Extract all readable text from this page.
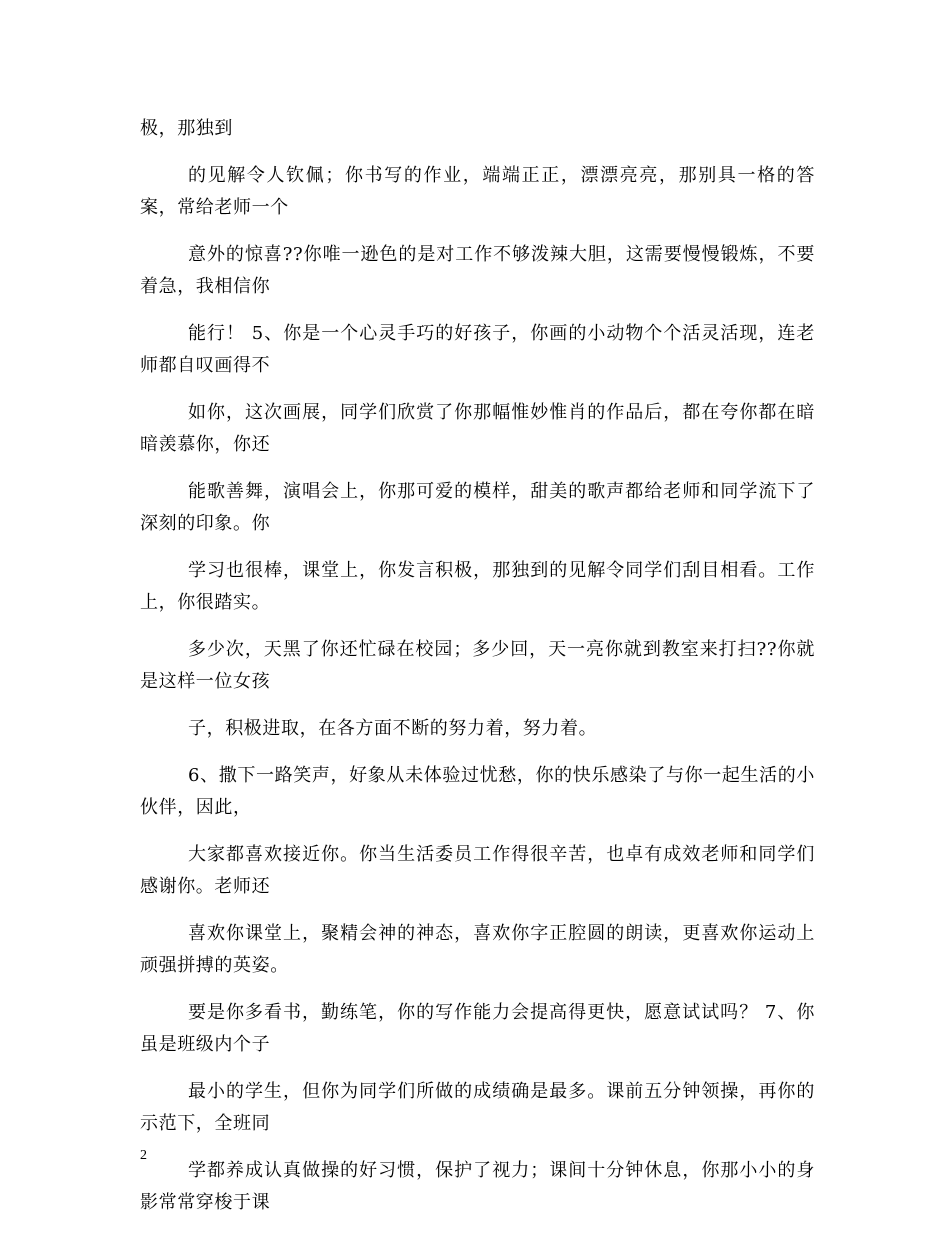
极，那独到

的见解令人钦佩；你书写的作业，端端正正，漂漂亮亮，那别具一格的答案，常给老师一个

意外的惊喜??你唯一逊色的是对工作不够泼辣大胆，这需要慢慢锻炼，不要着急，我相信你

能行！ 5、你是一个心灵手巧的好孩子，你画的小动物个个活灵活现，连老师都自叹画得不

如你，这次画展，同学们欣赏了你那幅惟妙惟肖的作品后，都在夸你都在暗暗羡慕你，你还

能歌善舞，演唱会上，你那可爱的模样，甜美的歌声都给老师和同学流下了深刻的印象。你

学习也很棒，课堂上，你发言积极，那独到的见解令同学们刮目相看。工作上，你很踏实。

多少次，天黑了你还忙碌在校园；多少回，天一亮你就到教室来打扫??你就是这样一位女孩

子，积极进取，在各方面不断的努力着，努力着。

6、撒下一路笑声，好象从未体验过忧愁，你的快乐感染了与你一起生活的小伙伴，因此，

大家都喜欢接近你。你当生活委员工作得很辛苦，也卓有成效老师和同学们感谢你。老师还

喜欢你课堂上，聚精会神的神态，喜欢你字正腔圆的朗读，更喜欢你运动上顽强拼搏的英姿。

要是你多看书，勤练笔，你的写作能力会提高得更快，愿意试试吗？ 7、你虽是班级内个子

最小的学生，但你为同学们所做的成绩确是最多。课前五分钟领操，再你的示范下，全班同

学都养成认真做操的好习惯，保护了视力；课间十分钟休息，你那小小的身影常常穿梭于课

2
